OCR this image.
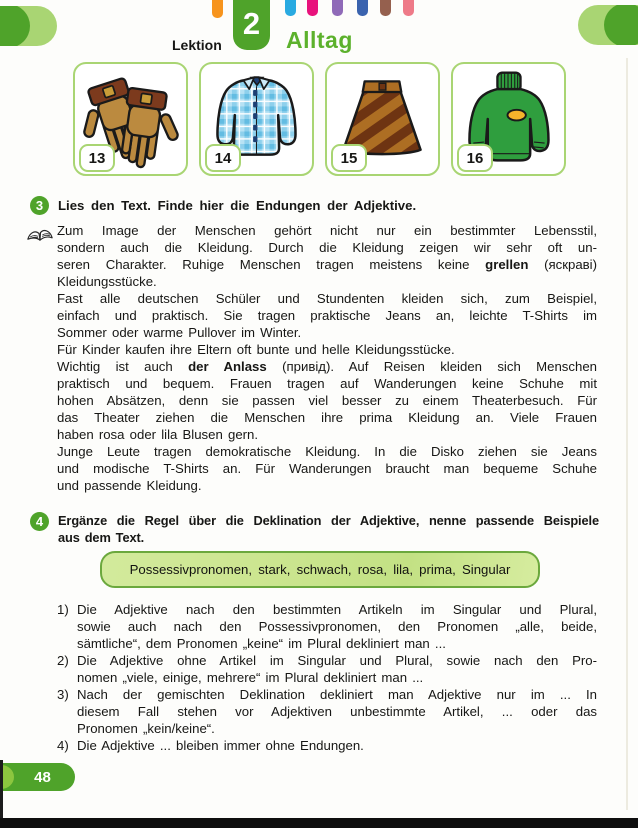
Lektion
2	Alltag
13	14	15	16
3	Lies den Text. Finde hier die Endungen der Adjektive.
Zum Image der Menschen gehört nicht nur ein bestimmter Lebensstil,
sondern auch die Kleidung. Durch die Kleidung zeigen wir sehr oft un-
seren Charakter. Ruhige Menschen tragen meistens keine grellen (яскраві)
Kleidungsstücke.
Fast alle deutschen Schüler und Stundenten kleiden sich, zum Beispiel,
einfach und praktisch. Sie tragen praktische Jeans an, leichte T-Shirts im
Sommer oder warme Pullover im Winter.
Für Kinder kaufen ihre Eltern oft bunte und helle Kleidungsstücke.
Wichtig ist auch der Anlass (привід). Auf Reisen kleiden sich Menschen
praktisch und bequem. Frauen tragen auf Wanderungen keine Schuhe mit
hohen Absätzen, denn sie passen viel besser zu einem Theaterbesuch. Für
das Theater ziehen die Menschen ihre prima Kleidung an. Viele Frauen
haben rosa oder lila Blusen gern.
Junge Leute tragen demokratische Kleidung. In die Disko ziehen sie Jeans
und modische T-Shirts an. Für Wanderungen braucht man bequeme Schuhe
und passende Kleidung.
4	Ergänze die Regel über die Deklination der Adjektive, nenne passende Beispiele
aus dem Text.
Possessivpronomen, stark, schwach, rosa, lila, prima, Singular
1) Die Adjektive nach den bestimmten Artikeln im Singular und Plural,
sowie auch nach den Possessivpronomen, den Pronomen „alle, beide,
sämtliche“, dem Pronomen „keine“ im Plural dekliniert man ...
2) Die Adjektive ohne Artikel im Singular und Plural, sowie nach den Pro-
nomen „viele, einige, mehrere“ im Plural dekliniert man ...
3) Nach der gemischten Deklination dekliniert man Adjektive nur im ... In
diesem Fall stehen vor Adjektiven unbestimmte Artikel, ... oder das
Pronomen „kein/keine“.
4) Die Adjektive ... bleiben immer ohne Endungen.
48
